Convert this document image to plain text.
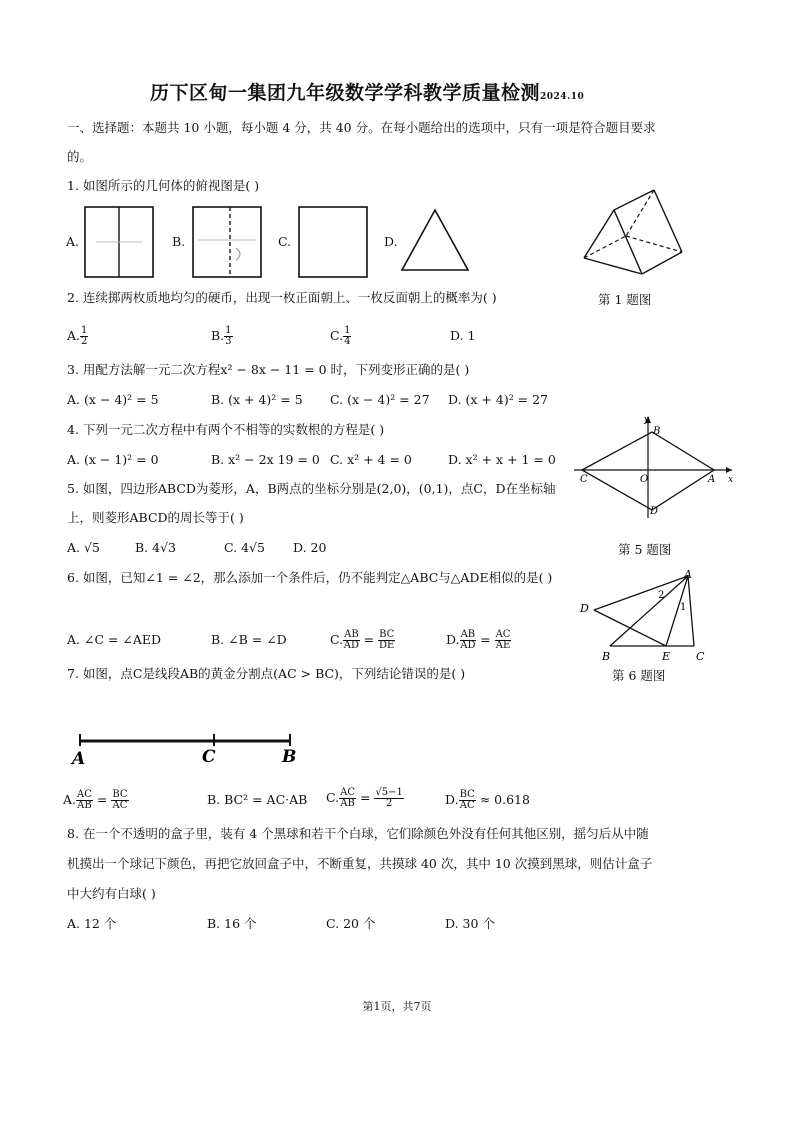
历下区甸一集团九年级数学学科教学质量检测2024.10
一、选择题：本题共 10 小题，每小题 4 分，共 40 分。在每小题给出的选项中，只有一项是符合题目要求
的。
1. 如图所示的几何体的俯视图是( )
A.	B.	C.	D.
第 1 题图
2. 连续掷两枚质地均匀的硬币，出现一枚正面朝上、一枚反面朝上的概率为( )
A. $\frac{1}{2}$	B. $\frac{1}{3}$	C. $\frac{1}{4}$	D. 1
3. 用配方法解一元二次方程x² − 8x − 11 = 0 时，下列变形正确的是( )
A. (x − 4)² = 5	B. (x + 4)² = 5 C. (x − 4)² = 27 D. (x + 4)² = 27
4. 下列一元二次方程中有两个不相等的实数根的方程是( )
A. (x − 1)² = 0	B. x² − 2x 19 = 0 C. x² + 4 = 0	D. x² + x + 1 = 0
5. 如图，四边形ABCD为菱形，A，B两点的坐标分别是(2,0)，(0,1)，点C，D在坐标轴
上，则菱形ABCD的周长等于( )
A. √5	B. 4√3	C. 4√5 D. 20
y
B
C	O	A x
D
第 5 题图
6. 如图，已知∠1 = ∠2，那么添加一个条件后，仍不能判定△ABC与△ADE相似的是( )
A. ∠C = ∠AED	B. ∠B = ∠D	C. $\frac{AB}{AD} = \frac{BC}{DE}$	D. $\frac{AB}{AD} = \frac{AC}{AE}$
A
D
2
1
B	E C
第 6 题图
7. 如图，点C是线段AB的黄金分割点(AC > BC)，下列结论错误的是( )
A	C	B
A. $\frac{AC}{AB} = \frac{BC}{AC}$	B. BC² = AC·AB C. $\frac{AC}{AB} = \frac{√5-1}{2}$	D. $\frac{BC}{AC} \approx 0.618$
8. 在一个不透明的盒子里，装有 4 个黑球和若干个白球，它们除颜色外没有任何其他区别，摇匀后从中随
机摸出一个球记下颜色，再把它放回盒子中，不断重复，共摸球 40 次，其中 10 次摸到黑球，则估计盒子
中大约有白球( )
A. 12 个	B. 16 个	C. 20 个	D. 30 个
第1页，共7页
